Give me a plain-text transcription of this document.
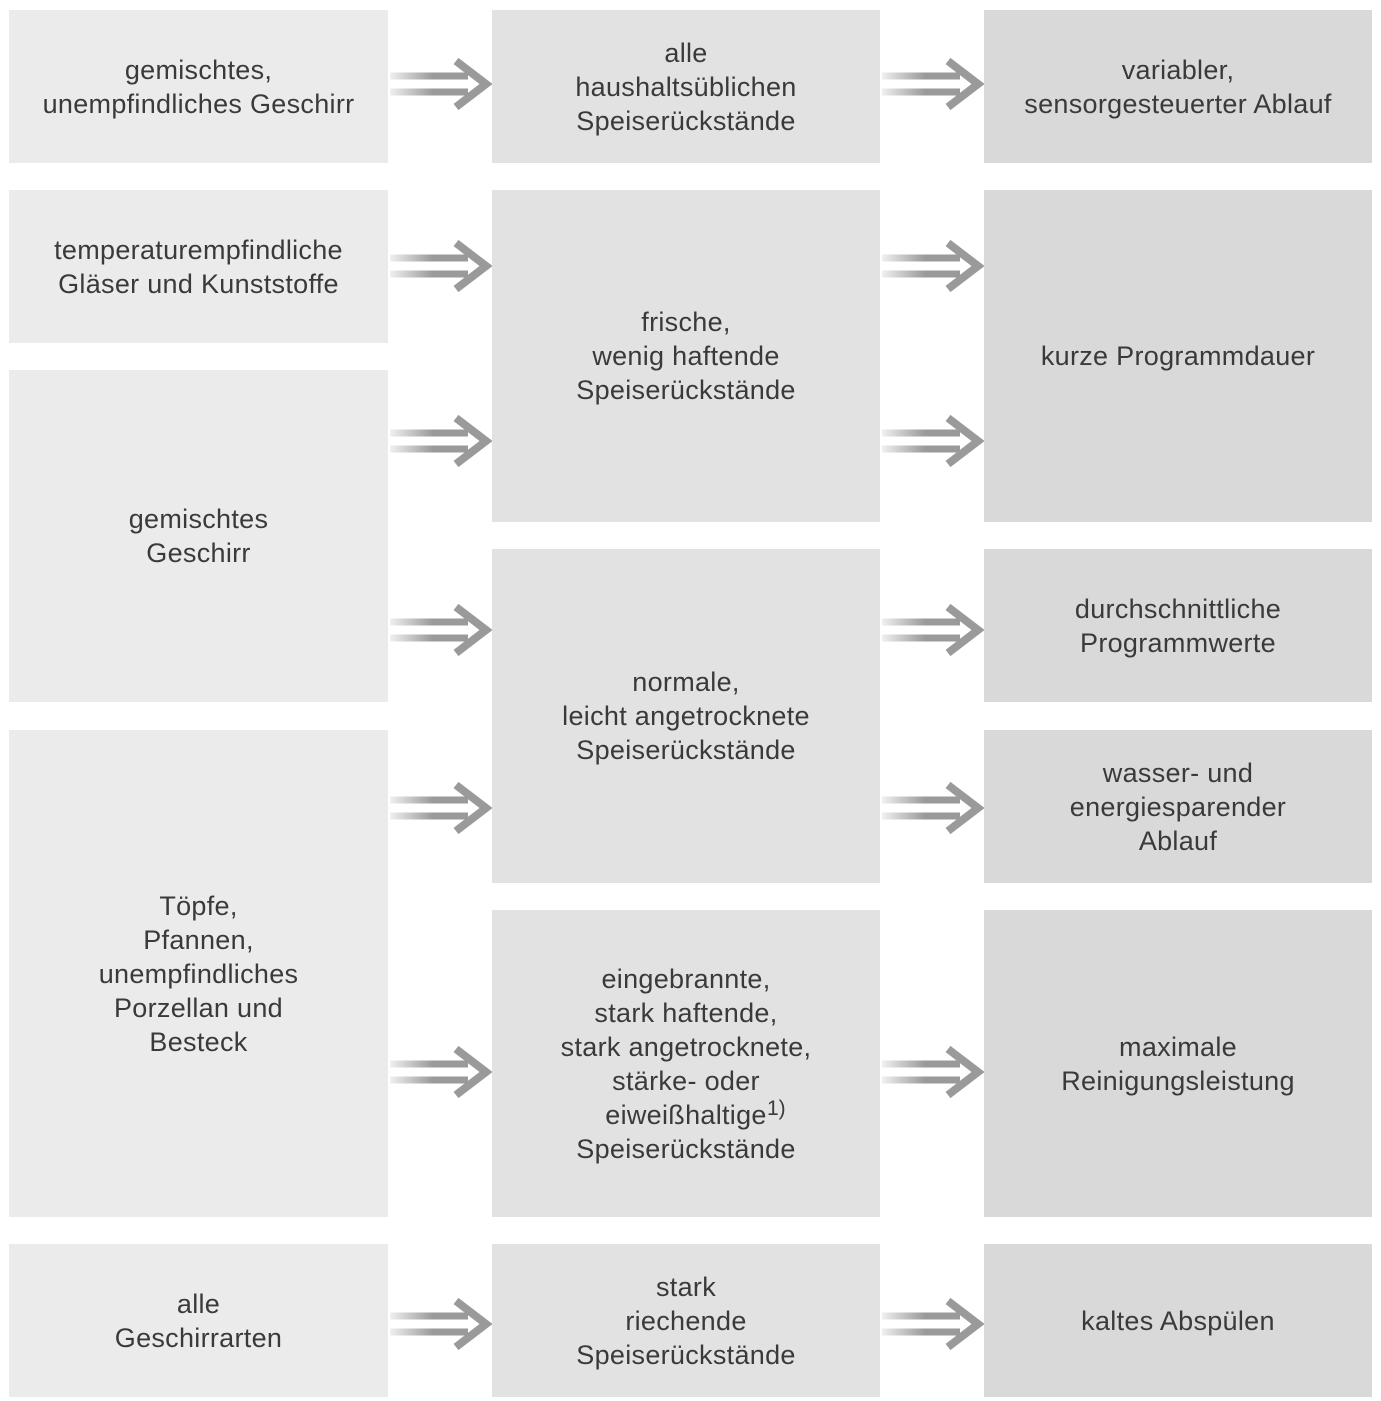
gemischtes,
unempfindliches Geschirr
temperaturempfindliche
Gläser und Kunststoffe
gemischtes
Geschirr
Töpfe,
Pfannen,
unempfindliches
Porzellan und
Besteck
alle
Geschirrarten
alle
haushaltsüblichen
Speiserückstände
frische,
wenig haftende
Speiserückstände
normale,
leicht angetrocknete
Speiserückstände
eingebrannte,
stark haftende,
stark angetrocknete,
stärke- oder
eiweißhaltige
Speiserückstände
1)
stark
riechende
Speiserückstände
variabler,
sensorgesteuerter Ablauf
kurze Programmdauer
durchschnittliche
Programmwerte
wasser- und
energiesparender
Ablauf
maximale
Reinigungsleistung
kaltes Abspülen
